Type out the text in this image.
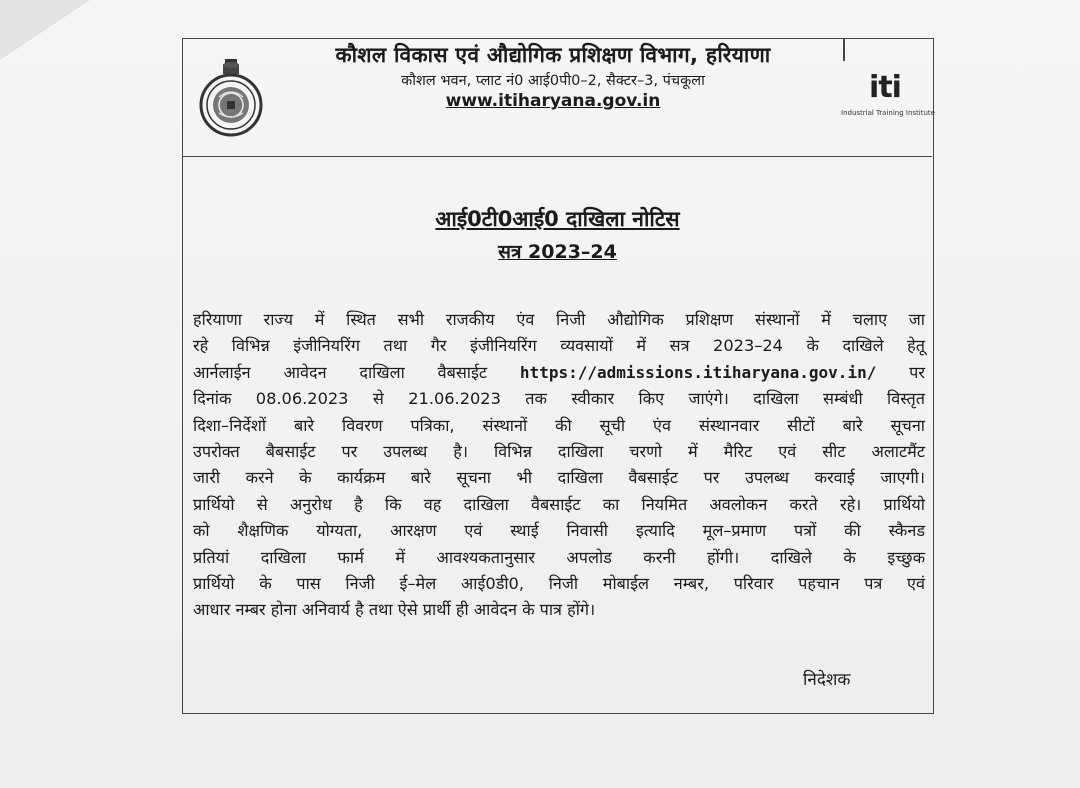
कौशल विकास एवं औद्योगिक प्रशिक्षण विभाग, हरियाणा
कौशल भवन, प्लाट नं0 आई0पी0–2, सैक्टर–3, पंचकूला
www.itiharyana.gov.in	iti
Industrial Training Institute
आई0टी0आई0 दाखिला नोटिस
सत्र 2023–24
हरियाणा राज्य में स्थित सभी राजकीय एंव निजी औद्योगिक प्रशिक्षण संस्थानों में चलाए जा
रहे विभिन्न इंजीनियरिंग तथा गैर इंजीनियरिंग व्यवसायों में सत्र 2023–24 के दाखिले हेतू
आर्नलाईन आवेदन दाखिला वैबसाईट https://admissions.itiharyana.gov.in/ पर
दिनांक 08.06.2023 से 21.06.2023 तक स्वीकार किए जाएंगे। दाखिला सम्बंधी विस्तृत
दिशा–निर्देशों बारे विवरण पत्रिका, संस्थानों की सूची एंव संस्थानवार सीटों बारे सूचना
उपरोक्त बैबसाईट पर उपलब्ध है। विभिन्न दाखिला चरणो में मैरिट एवं सीट अलाटमैंट
जारी करने के कार्यक्रम बारे सूचना भी दाखिला वैबसाईट पर उपलब्ध करवाई जाएगी।
प्रार्थियो से अनुरोध है कि वह दाखिला वैबसाईट का नियमित अवलोकन करते रहे। प्रार्थियो
को शैक्षणिक योग्यता, आरक्षण एवं स्थाई निवासी इत्यादि मूल–प्रमाण पत्रों की स्कैनड
प्रतियां दाखिला फार्म में आवश्यकतानुसार अपलोड करनी होंगी। दाखिले के इच्छुक
प्रार्थियो के पास निजी ई–मेल आई0डी0, निजी मोबाईल नम्बर, परिवार पहचान पत्र एवं
आधार नम्बर होना अनिवार्य है तथा ऐसे प्रार्थी ही आवेदन के पात्र होंगे।
निदेशक
